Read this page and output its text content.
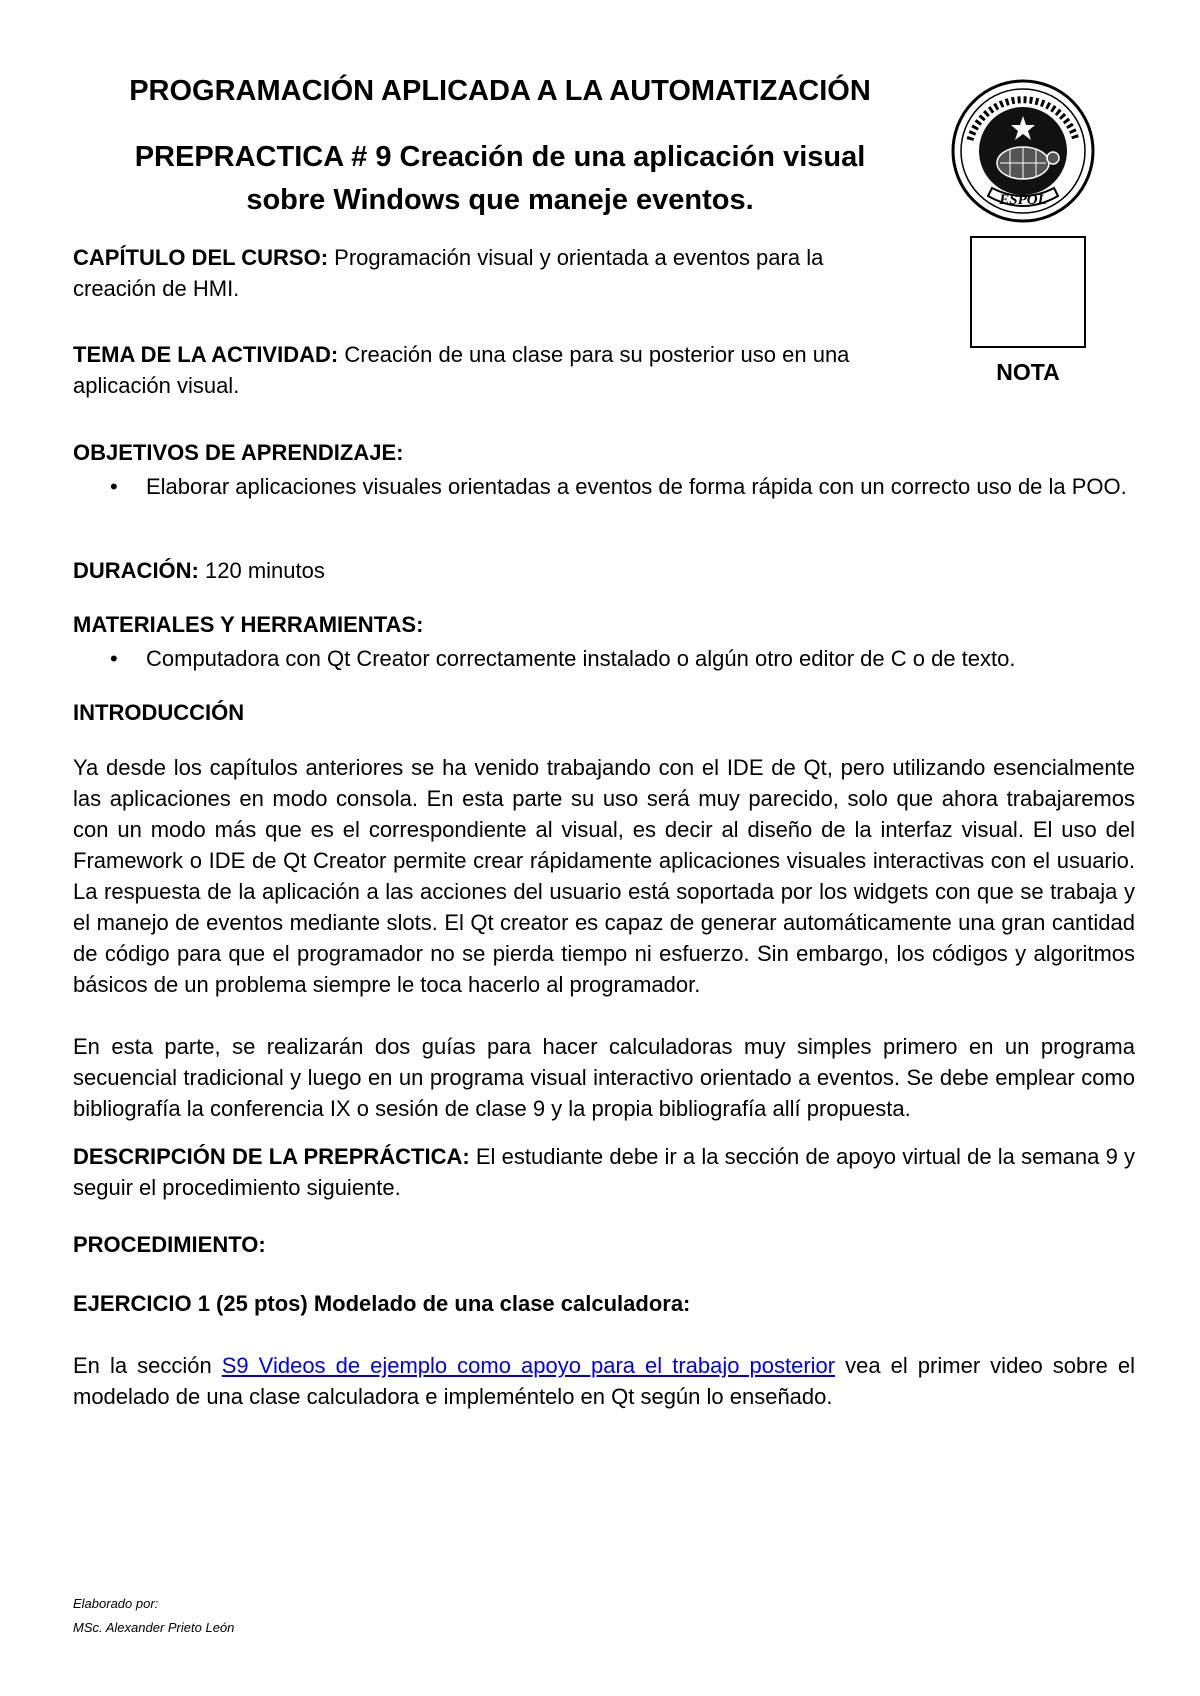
PROGRAMACIÓN APLICADA A LA AUTOMATIZACIÓN
PREPRACTICA # 9 Creación de una aplicación visual
sobre Windows que maneje eventos.	ESPOL
NOTA
CAPÍTULO DEL CURSO: Programación visual y orientada a eventos para la
creación de HMI.
TEMA DE LA ACTIVIDAD: Creación de una clase para su posterior uso en una
aplicación visual.
OBJETIVOS DE APRENDIZAJE:
• Elaborar aplicaciones visuales orientadas a eventos de forma rápida con un correcto uso de la POO.
DURACIÓN: 120 minutos
MATERIALES Y HERRAMIENTAS:
• Computadora con Qt Creator correctamente instalado o algún otro editor de C o de texto.
INTRODUCCIÓN

Ya desde los capítulos anteriores se ha venido trabajando con el IDE de Qt, pero utilizando esencialmente las aplicaciones en modo consola. En esta parte su uso será muy parecido, solo que ahora trabajaremos con un modo más que es el correspondiente al visual, es decir al diseño de la interfaz visual. El uso del Framework o IDE de Qt Creator permite crear rápidamente aplicaciones visuales interactivas con el usuario. La respuesta de la aplicación a las acciones del usuario está soportada por los widgets con que se trabaja y el manejo de eventos mediante slots. El Qt creator es capaz de generar automáticamente una gran cantidad de código para que el programador no se pierda tiempo ni esfuerzo. Sin embargo, los códigos y algoritmos básicos de un problema siempre le toca hacerlo al programador.

En esta parte, se realizarán dos guías para hacer calculadoras muy simples primero en un programa secuencial tradicional y luego en un programa visual interactivo orientado a eventos. Se debe emplear como bibliografía la conferencia IX o sesión de clase 9 y la propia bibliografía allí propuesta.

DESCRIPCIÓN DE LA PREPRÁCTICA: El estudiante debe ir a la sección de apoyo virtual de la semana 9 y seguir el procedimiento siguiente.

PROCEDIMIENTO:
EJERCICIO 1 (25 ptos) Modelado de una clase calculadora:

En la sección S9 Videos de ejemplo como apoyo para el trabajo posterior vea el primer video sobre el modelado de una clase calculadora e impleméntelo en Qt según lo enseñado.

Elaborado por:
MSc. Alexander Prieto León
